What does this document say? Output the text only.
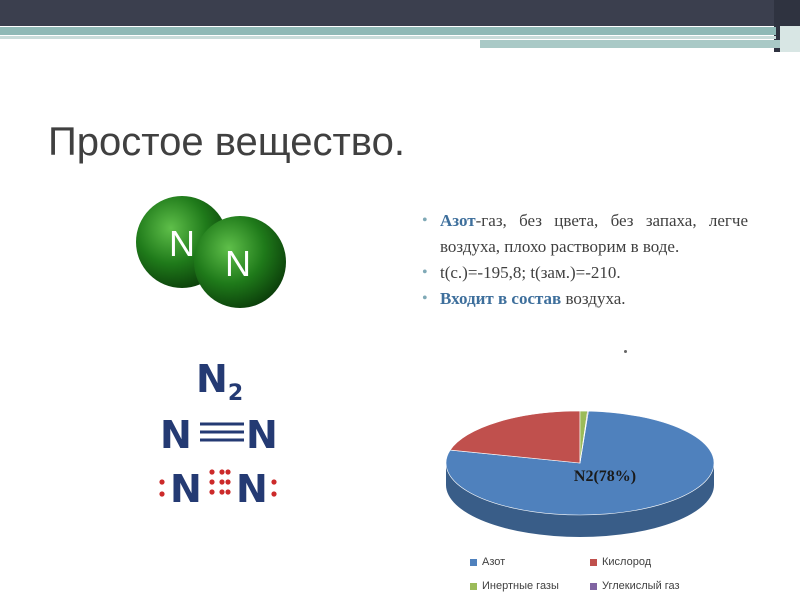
Простое вещество.
N N
$N_2$
N N
N N
• Азот-газ, без цвета, без запаха, легче воздуха, плохо растворим в воде.
• t(с.)=-195,8; t(зам.)=-210.
• Входит в состав воздуха.
N2(78%)
Азот	Кислород
Инертные газы	Углекислый газ
